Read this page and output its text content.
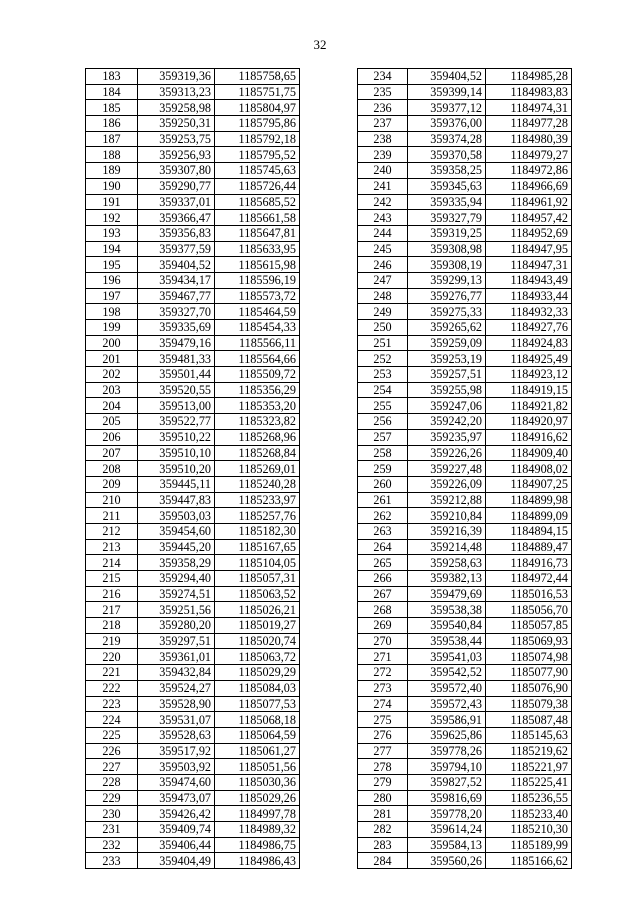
32
183	359319,36	1185758,65
184	359313,23	1185751,75
185	359258,98	1185804,97
186	359250,31	1185795,86
187	359253,75	1185792,18
188	359256,93	1185795,52
189	359307,80	1185745,63
190	359290,77	1185726,44
191	359337,01	1185685,52
192	359366,47	1185661,58
193	359356,83	1185647,81
194	359377,59	1185633,95
195	359404,52	1185615,98
196	359434,17	1185596,19
197	359467,77	1185573,72
198	359327,70	1185464,59
199	359335,69	1185454,33
200	359479,16	1185566,11
201	359481,33	1185564,66
202	359501,44	1185509,72
203	359520,55	1185356,29
204	359513,00	1185353,20
205	359522,77	1185323,82
206	359510,22	1185268,96
207	359510,10	1185268,84
208	359510,20	1185269,01
209	359445,11	1185240,28
210	359447,83	1185233,97
211	359503,03	1185257,76
212	359454,60	1185182,30
213	359445,20	1185167,65
214	359358,29	1185104,05
215	359294,40	1185057,31
216	359274,51	1185063,52
217	359251,56	1185026,21
218	359280,20	1185019,27
219	359297,51	1185020,74
220	359361,01	1185063,72
221	359432,84	1185029,29
222	359524,27	1185084,03
223	359528,90	1185077,53
224	359531,07	1185068,18
225	359528,63	1185064,59
226	359517,92	1185061,27
227	359503,92	1185051,56
228	359474,60	1185030,36
229	359473,07	1185029,26
230	359426,42	1184997,78
231	359409,74	1184989,32
232	359406,44	1184986,75
233	359404,49	1184986,43
234	359404,52	1184985,28
235	359399,14	1184983,83
236	359377,12	1184974,31
237	359376,00	1184977,28
238	359374,28	1184980,39
239	359370,58	1184979,27
240	359358,25	1184972,86
241	359345,63	1184966,69
242	359335,94	1184961,92
243	359327,79	1184957,42
244	359319,25	1184952,69
245	359308,98	1184947,95
246	359308,19	1184947,31
247	359299,13	1184943,49
248	359276,77	1184933,44
249	359275,33	1184932,33
250	359265,62	1184927,76
251	359259,09	1184924,83
252	359253,19	1184925,49
253	359257,51	1184923,12
254	359255,98	1184919,15
255	359247,06	1184921,82
256	359242,20	1184920,97
257	359235,97	1184916,62
258	359226,26	1184909,40
259	359227,48	1184908,02
260	359226,09	1184907,25
261	359212,88	1184899,98
262	359210,84	1184899,09
263	359216,39	1184894,15
264	359214,48	1184889,47
265	359258,63	1184916,73
266	359382,13	1184972,44
267	359479,69	1185016,53
268	359538,38	1185056,70
269	359540,84	1185057,85
270	359538,44	1185069,93
271	359541,03	1185074,98
272	359542,52	1185077,90
273	359572,40	1185076,90
274	359572,43	1185079,38
275	359586,91	1185087,48
276	359625,86	1185145,63
277	359778,26	1185219,62
278	359794,10	1185221,97
279	359827,52	1185225,41
280	359816,69	1185236,55
281	359778,20	1185233,40
282	359614,24	1185210,30
283	359584,13	1185189,99
284	359560,26	1185166,62
